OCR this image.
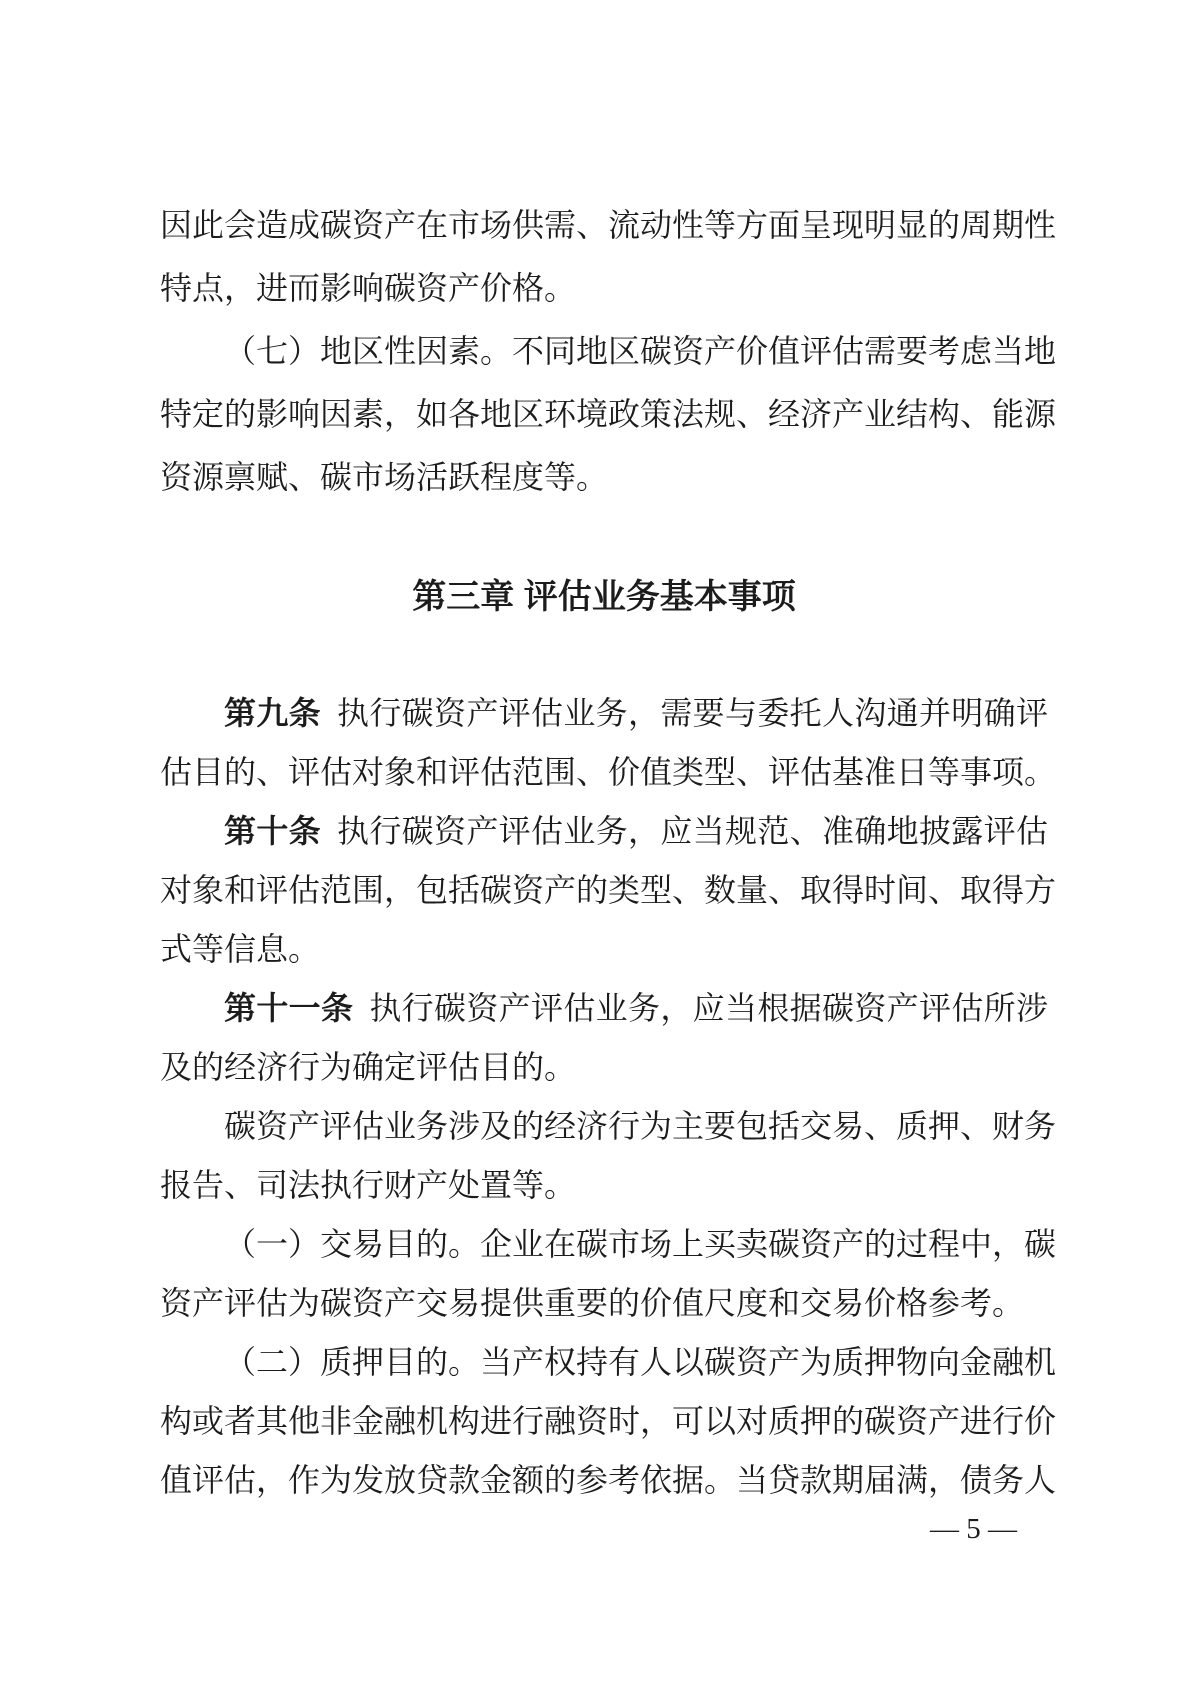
因此会造成碳资产在市场供需、流动性等方面呈现明显的周期性
特点，进而影响碳资产价格。
（七）地区性因素。不同地区碳资产价值评估需要考虑当地
特定的影响因素，如各地区环境政策法规、经济产业结构、能源
资源禀赋、碳市场活跃程度等。
第三章 评估业务基本事项
第九条 执行碳资产评估业务，需要与委托人沟通并明确评
估目的、评估对象和评估范围、价值类型、评估基准日等事项。
第十条 执行碳资产评估业务，应当规范、准确地披露评估
对象和评估范围，包括碳资产的类型、数量、取得时间、取得方
式等信息。
第十一条 执行碳资产评估业务，应当根据碳资产评估所涉
及的经济行为确定评估目的。
碳资产评估业务涉及的经济行为主要包括交易、质押、财务
报告、司法执行财产处置等。
（一）交易目的。企业在碳市场上买卖碳资产的过程中，碳
资产评估为碳资产交易提供重要的价值尺度和交易价格参考。
（二）质押目的。当产权持有人以碳资产为质押物向金融机
构或者其他非金融机构进行融资时，可以对质押的碳资产进行价
值评估，作为发放贷款金额的参考依据。当贷款期届满，债务人
— 5 —
